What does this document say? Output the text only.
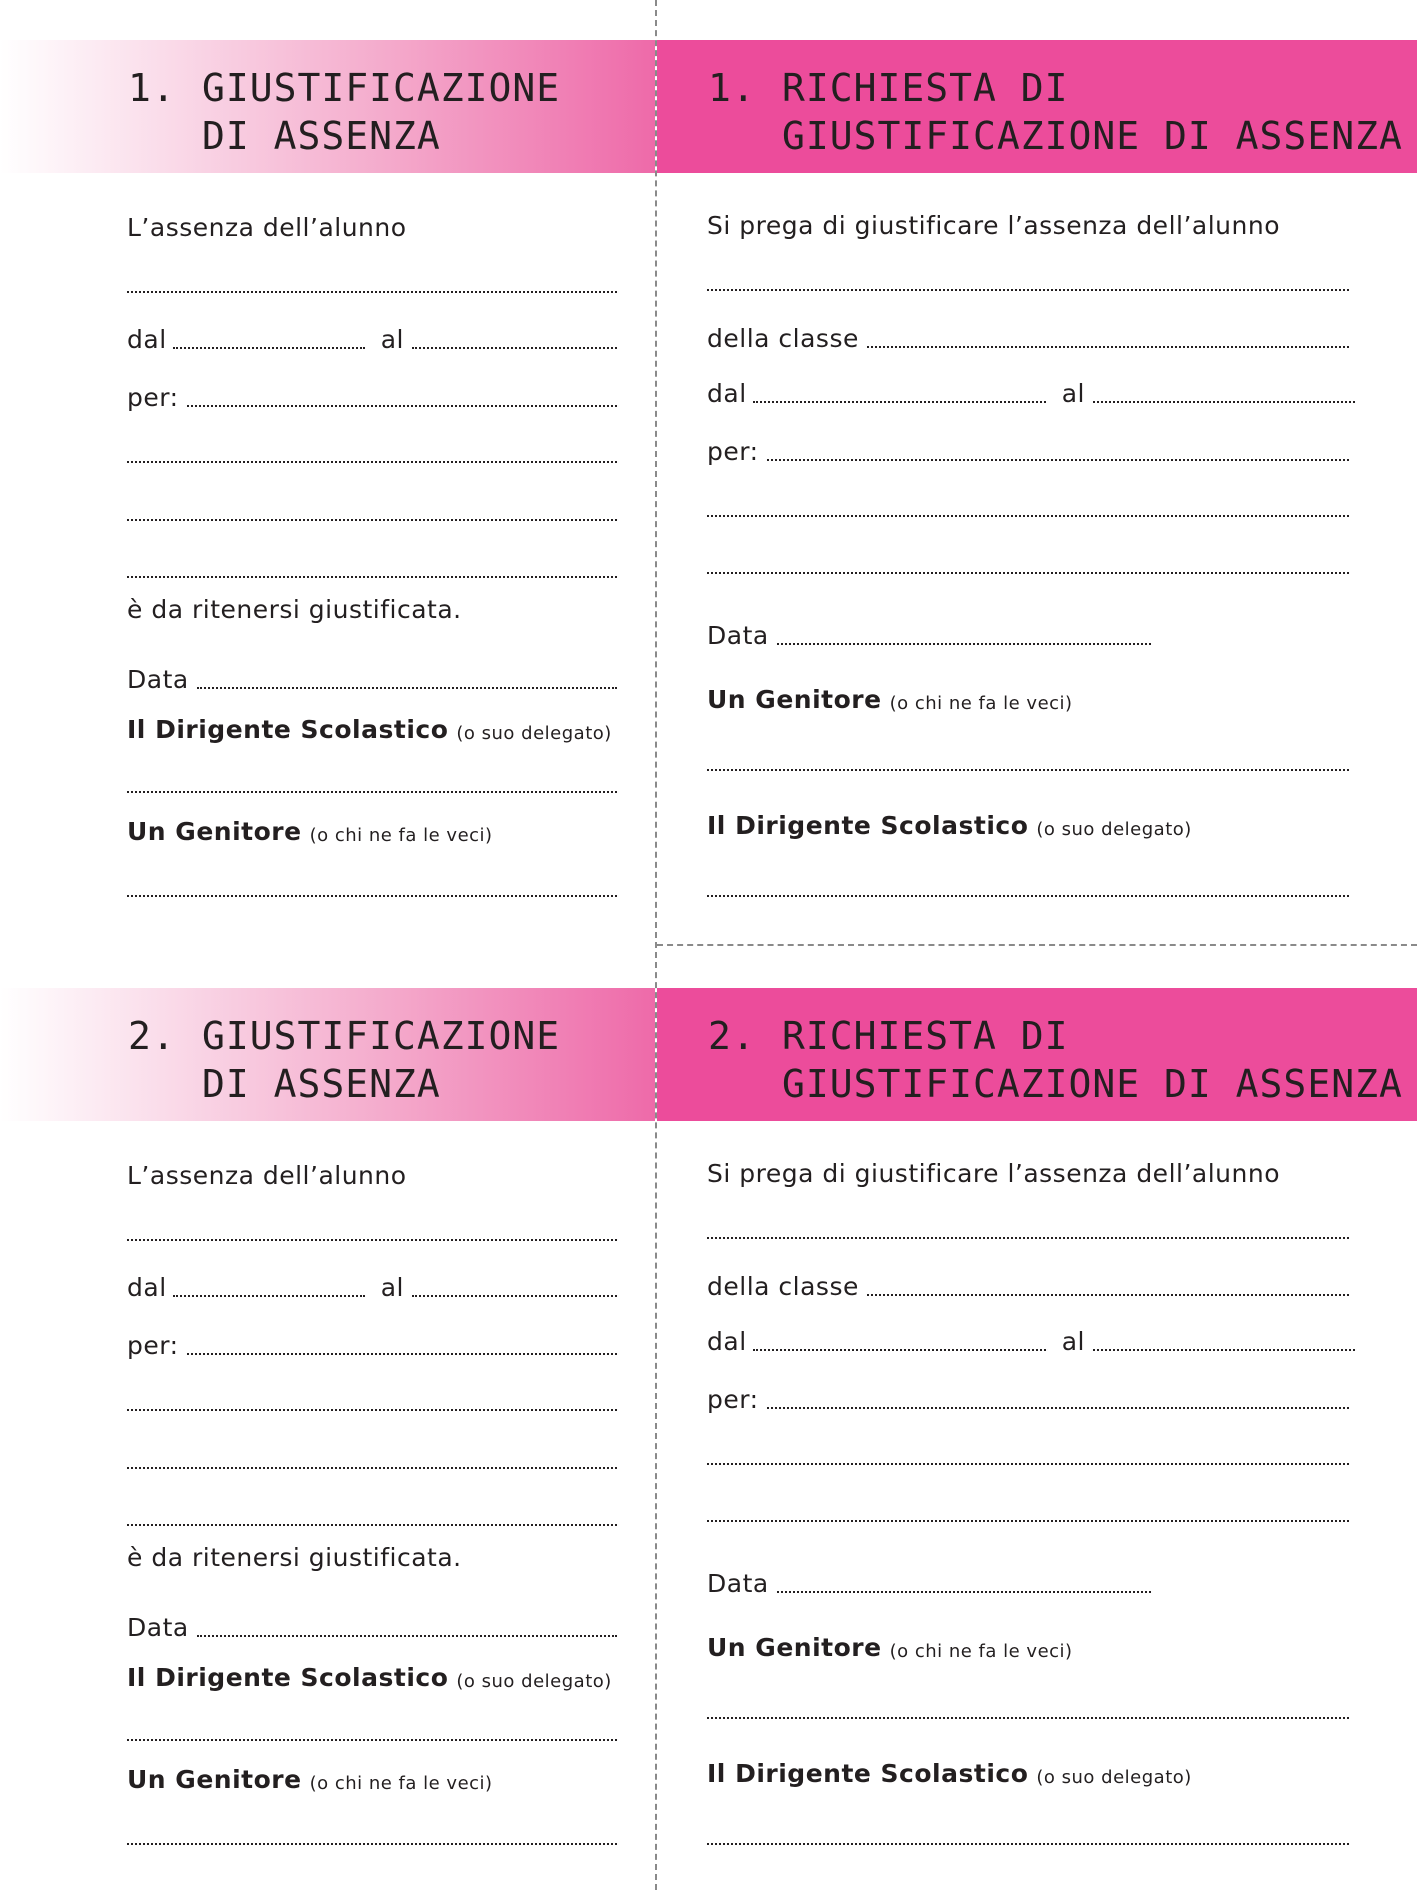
1. GIUSTIFICAZIONE
DI ASSENZA
1. RICHIESTA DI
GIUSTIFICAZIONE DI ASSENZA
L’assenza dell’alunno
dal	al
per:
è da ritenersi giustificata.
Data
Il Dirigente Scolastico (o suo delegato)
Un Genitore (o chi ne fa le veci)
Si prega di giustificare l’assenza dell’alunno
della classe
dal	al
per:
Data
Un Genitore (o chi ne fa le veci)
Il Dirigente Scolastico (o suo delegato)
2. GIUSTIFICAZIONE
DI ASSENZA
2. RICHIESTA DI
GIUSTIFICAZIONE DI ASSENZA
L’assenza dell’alunno
dal	al
per:
è da ritenersi giustificata.
Data
Il Dirigente Scolastico (o suo delegato)
Un Genitore (o chi ne fa le veci)
Si prega di giustificare l’assenza dell’alunno
della classe
dal	al
per:
Data
Un Genitore (o chi ne fa le veci)
Il Dirigente Scolastico (o suo delegato)
